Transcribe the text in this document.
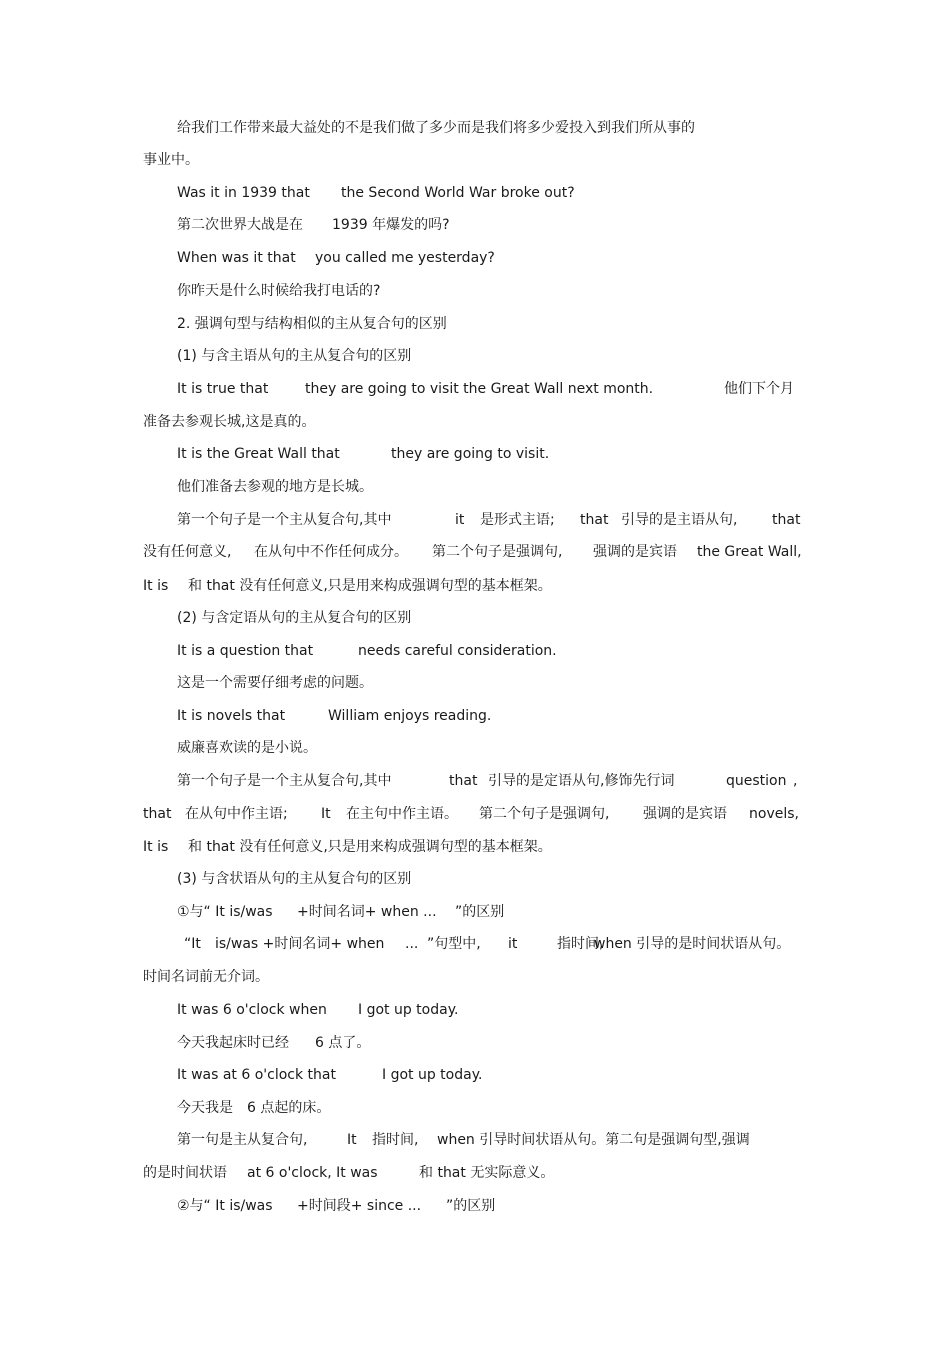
给我们工作带来最大益处的不是我们做了多少而是我们将多少爱投入到我们所从事的
事业中。
Was it in 1939 that the Second World War broke out?
第二次世界大战是在 1939 年爆发的吗?
When was it that you called me yesterday?
你昨天是什么时候给我打电话的?
2. 强调句型与结构相似的主从复合句的区别
(1) 与含主语从句的主从复合句的区别
It is true that	they are going to visit the Great Wall next month.	他们下个月
准备去参观长城,这是真的。
It is the Great Wall that	they are going to visit.
他们准备去参观的地方是长城。
第一个句子是一个主从复合句,其中	it 是形式主语; that 引导的是主语从句, that
没有任何意义, 在从句中不作任何成分。 第二个句子是强调句, 强调的是宾语 the Great Wall,
It is 和 that 没有任何意义,只是用来构成强调句型的基本框架。
(2) 与含定语从句的主从复合句的区别
It is a question that	needs careful consideration.
这是一个需要仔细考虑的问题。
It is novels that	William enjoys reading.
威廉喜欢读的是小说。
第一个句子是一个主从复合句,其中	that 引导的是定语从句,修饰先行词	question ,
that 在从句中作主语; It 在主句中作主语。 第二个句子是强调句, 强调的是宾语 novels,
It is 和 that 没有任何意义,只是用来构成强调句型的基本框架。
(3) 与含状语从句的主从复合句的区别
①与“ It is/was +时间名词+ when ... ”的区别
“It is/was +时间名词+ when ... ”句型中, it	指时间,
when 引导的是时间状语从句。
时间名词前无介词。
It was 6 o'clock when I got up today.
今天我起床时已经 6 点了。
It was at 6 o'clock that	I got up today.
今天我是 6 点起的床。
第一句是主从复合句,	It 指时间, when 引导时间状语从句。第二句是强调句型,强调
的是时间状语 at 6 o'clock, It was	和 that 无实际意义。
②与“ It is/was +时间段+ since ... ”的区别
